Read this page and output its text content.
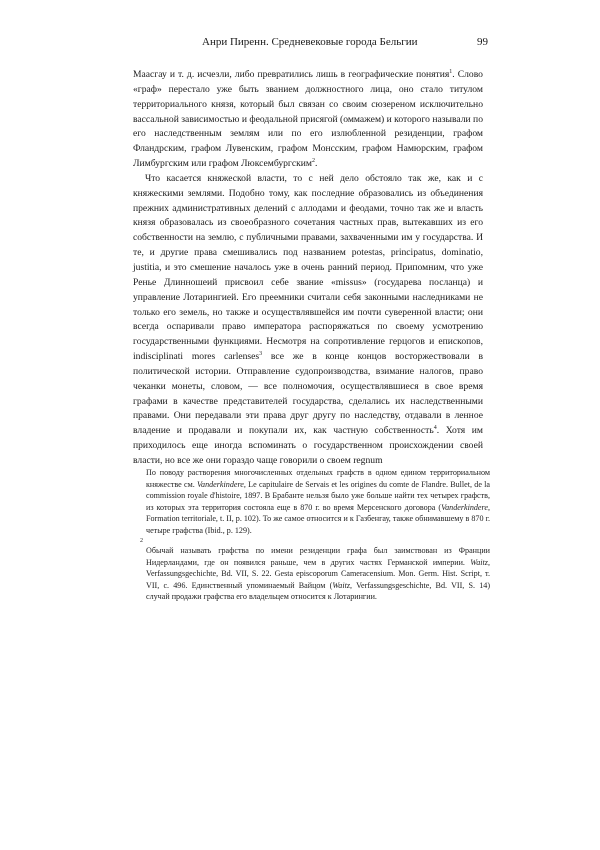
Анри Пиренн. Средневековые города Бельгии	99

Маасгау и т. д. исчезли, либо превратились лишь в географические понятия$^1$. Слово «граф» перестало уже быть званием должностного лица, оно стало титулом территориального князя, который был связан со своим сюзереном исключительно вассальной зависимостью и феодальной присягой (оммажем) и которого называли по его наследственным землям или по его излюбленной резиденции, графом Фландрским, графом Лувенским, графом Монсским, графом Намюрским, графом Лимбургским или графом Люксембургским$^2$.

Что касается княжеской власти, то с ней дело обстояло так же, как и с княжескими землями. Подобно тому, как последние образовались из объединения прежних административных делений с аллодами и феодами, точно так же и власть князя образовалась из своеобразного сочетания частных прав, вытекавших из его собственности на землю, с публичными правами, захваченными им у государства. И те, и другие права смешивались под названием potestas, principatus, dominatio, justitia, и это смешение началось уже в очень ранний период. Припомним, что уже Ренье Длинношеий присвоил себе звание «missus» (государева посланца) и управление Лотарингией. Его преемники считали себя законными наследниками не только его земель, но также и осуществлявшейся им почти суверенной власти; они всегда оспаривали право императора распоряжаться по своему усмотрению государственными функциями. Несмотря на сопротивление герцогов и епископов, indisciplinati mores carlenses$^3$ все же в конце концов восторжествовали в политической истории. Отправление судопроизводства, взимание налогов, право чеканки монеты, словом, — все полномочия, осуществлявшиеся в свое время графами в качестве представителей государства, сделались их наследственными правами. Они передавали эти права друг другу по наследству, отдавали в ленное владение и продавали и покупали их, как частную собственность$^4$. Хотя им приходилось еще иногда вспоминать о государственном происхождении своей власти, но все же они гораздо чаще говорили о своем regnum

По поводу растворения многочисленных отдельных графств в одном едином территориальном княжестве см. Vanderkindere, Le capitulaire de Servais et les origines du comte de Flandre. Bullet, de la commission royale d'histoire, 1897. В Брабанте нельзя было уже больше найти тех четырех графств, из которых эта территория состояла еще в 870 г. во время Мерсенского договора (Vanderkindere, Formation territoriale, t. II, p. 102). То же самое относится и к Газбенгау, также обнимавшему в 870 г. четыре графства (Ibid., p. 129).

2

Обычай называть графства по имени резиденции графа был заимствован из Франции Нидерландами, где он появился раньше, чем в других частях Германской империи. Waitz, Verfassungsgechichte, Bd. VII, S. 22. Gesta episcoporum Cameracensium. Mon. Germ. Hist. Script, т. VII, с. 496. Единственный упоминаемый Вайцом (Waitz, Verfassungsgeschichte, Bd. VII, S. 14) случай продажи графства его владельцем относится к Лотарингии.
